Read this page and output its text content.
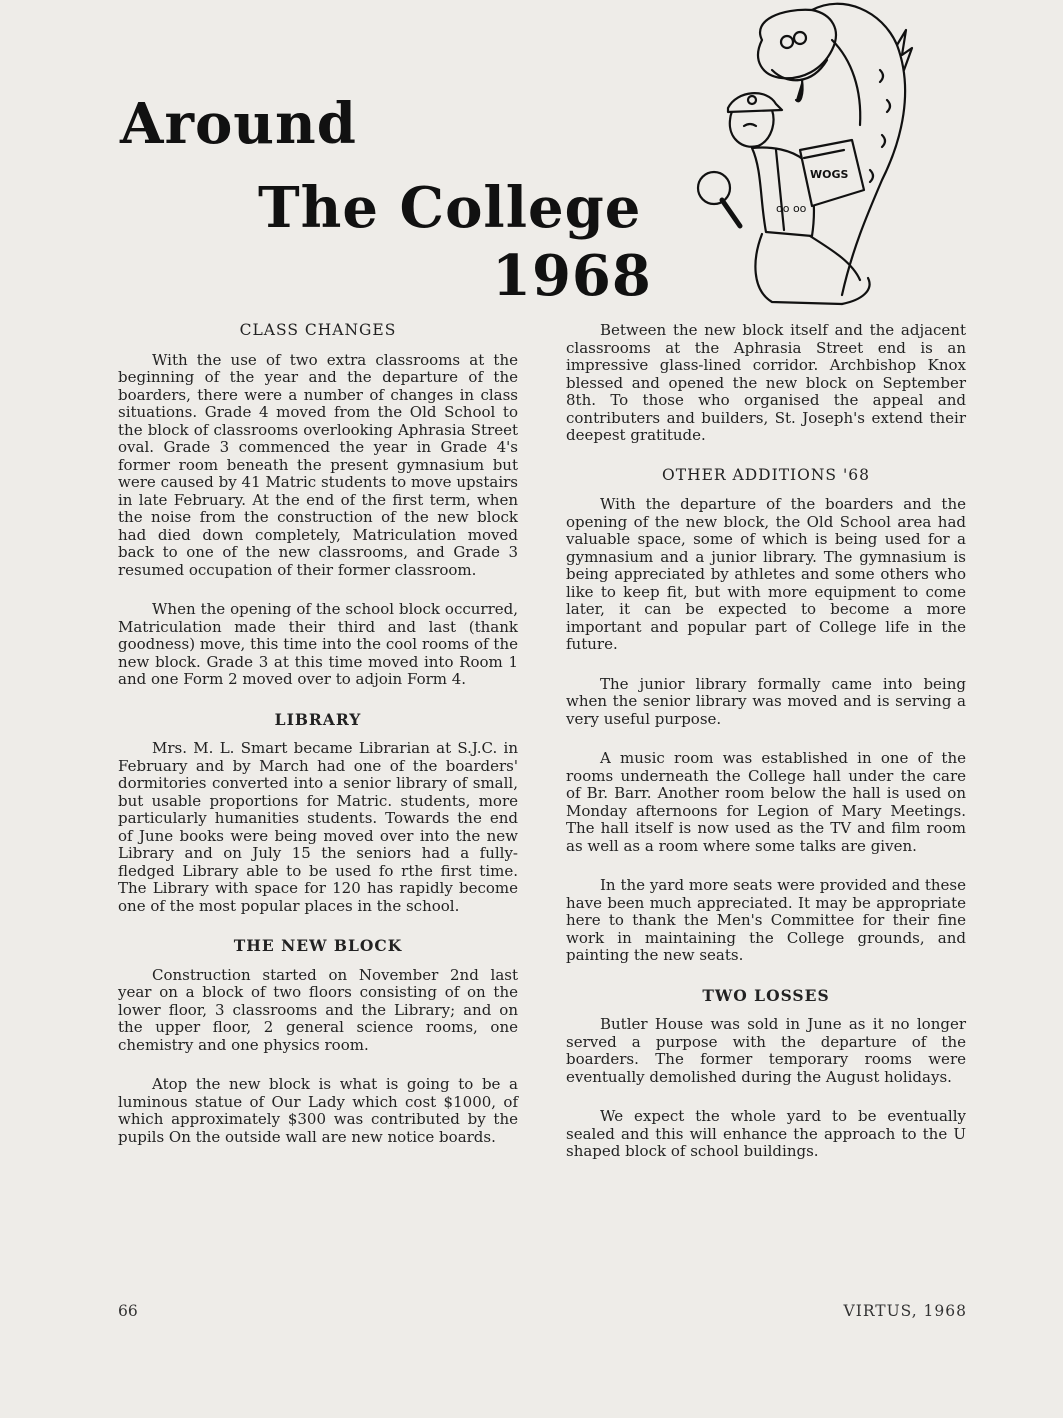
Around
The College
1968
WOGS
oo oo
CLASS CHANGES

With the use of two extra classrooms at the beginning of the year and the departure of the boarders, there were a number of changes in class situations. Grade 4 moved from the Old School to the block of classrooms overlooking Aphrasia Street oval. Grade 3 commenced the year in Grade 4's former room beneath the present gymnasium but were caused by 41 Matric students to move upstairs in late February. At the end of the first term, when the noise from the construction of the new block had died down completely, Matriculation moved back to one of the new classrooms, and Grade 3 resumed occupation of their former classroom.

When the opening of the school block occurred, Matriculation made their third and last (thank goodness) move, this time into the cool rooms of the new block. Grade 3 at this time moved into Room 1 and one Form 2 moved over to adjoin Form 4.

LIBRARY

Mrs. M. L. Smart became Librarian at S.J.C. in February and by March had one of the boarders' dormitories converted into a senior library of small, but usable proportions for Matric. students, more particularly humanities students. Towards the end of June books were being moved over into the new Library and on July 15 the seniors had a fully-fledged Library able to be used fo rthe first time. The Library with space for 120 has rapidly become one of the most popular places in the school.

THE NEW BLOCK

Construction started on November 2nd last year on a block of two floors consisting of on the lower floor, 3 classrooms and the Library; and on the upper floor, 2 general science rooms, one chemistry and one physics room.

Atop the new block is what is going to be a luminous statue of Our Lady which cost $1000, of which approximately $300 was contributed by the pupils On the outside wall are new notice boards.

Between the new block itself and the adjacent classrooms at the Aphrasia Street end is an impressive glass-lined corridor. Archbishop Knox blessed and opened the new block on September 8th. To those who organised the appeal and contributers and builders, St. Joseph's extend their deepest gratitude.

OTHER ADDITIONS '68

With the departure of the boarders and the opening of the new block, the Old School area had valuable space, some of which is being used for a gymnasium and a junior library. The gymnasium is being appreciated by athletes and some others who like to keep fit, but with more equipment to come later, it can be expected to become a more important and popular part of College life in the future.

The junior library formally came into being when the senior library was moved and is serving a very useful purpose.

A music room was established in one of the rooms underneath the College hall under the care of Br. Barr. Another room below the hall is used on Monday afternoons for Legion of Mary Meetings. The hall itself is now used as the TV and film room as well as a room where some talks are given.

In the yard more seats were provided and these have been much appreciated. It may be appropriate here to thank the Men's Committee for their fine work in maintaining the College grounds, and painting the new seats.

TWO LOSSES

Butler House was sold in June as it no longer served a purpose with the departure of the boarders. The former temporary rooms were eventually demolished during the August holidays.

We expect the whole yard to be eventually sealed and this will enhance the approach to the U shaped block of school buildings.

66	VIRTUS, 1968
